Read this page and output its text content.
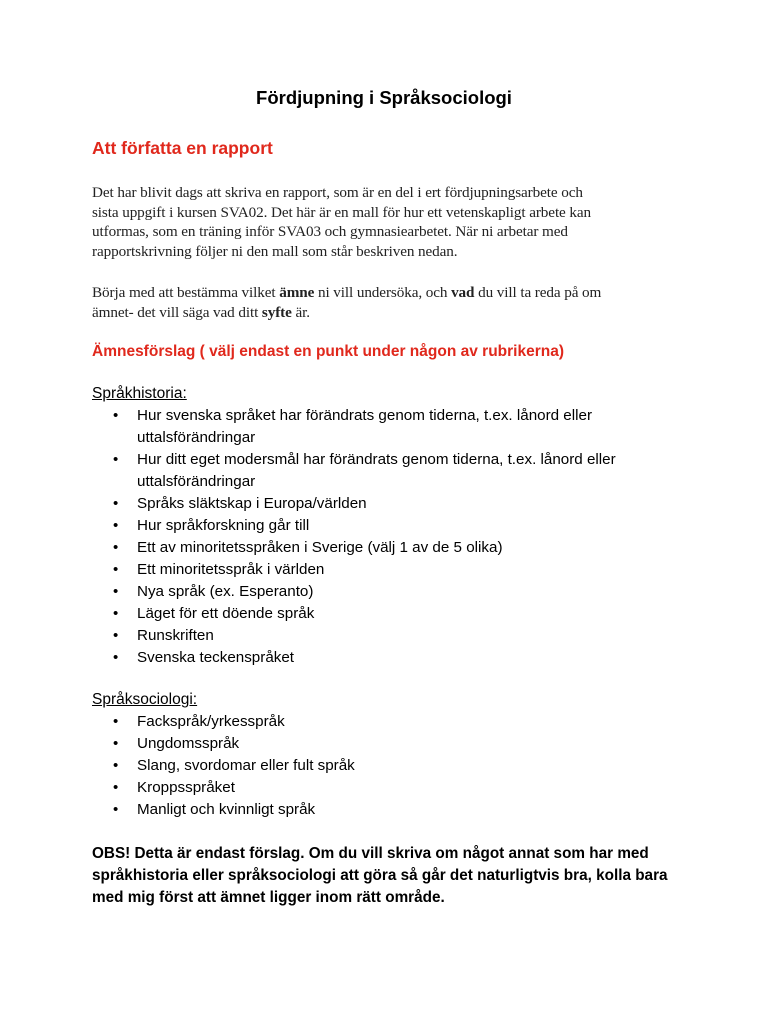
Fördjupning i Språksociologi
Att författa en rapport

Det har blivit dags att skriva en rapport, som är en del i ert fördjupningsarbete och

sista uppgift i kursen SVA02. Det här är en mall för hur ett vetenskapligt arbete kan

utformas, som en träning inför SVA03 och gymnasiearbetet. När ni arbetar med

rapportskrivning följer ni den mall som står beskriven nedan.

Börja med att bestämma vilket ämne ni vill undersöka, och vad du vill ta reda på om

ämnet- det vill säga vad ditt syfte är.

Ämnesförslag ( välj endast en punkt under någon av rubrikerna)
Språkhistoria:
•	Hur svenska språket har förändrats genom tiderna, t.ex. lånord eller
uttalsförändringar
•	Hur ditt eget modersmål har förändrats genom tiderna, t.ex. lånord eller
uttalsförändringar
•	Språks släktskap i Europa/världen
•	Hur språkforskning går till
•	Ett av minoritetsspråken i Sverige (välj 1 av de 5 olika)
•	Ett minoritetsspråk i världen
•	Nya språk (ex. Esperanto)
•	Läget för ett döende språk
•	Runskriften
•	Svenska teckenspråket
Språksociologi:
•	Fackspråk/yrkesspråk
•	Ungdomsspråk
•	Slang, svordomar eller fult språk
•	Kroppsspråket
•	Manligt och kvinnligt språk

OBS! Detta är endast förslag. Om du vill skriva om något annat som har med

språkhistoria eller språksociologi att göra så går det naturligtvis bra, kolla bara

med mig först att ämnet ligger inom rätt område.
